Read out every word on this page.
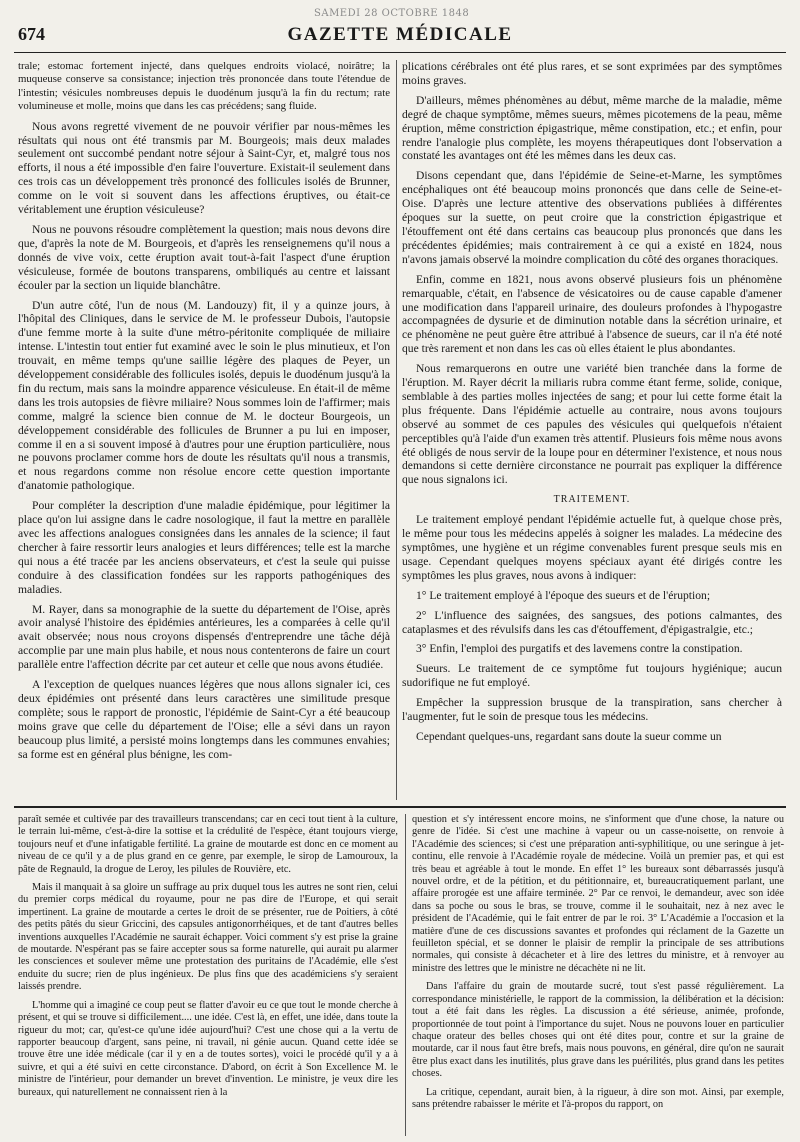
SAMEDI 28 OCTOBRE 1848
674	GAZETTE MÉDICALE

trale; estomac fortement injecté, dans quelques endroits violacé, noirâtre; la muqueuse conserve sa consistance; injection très prononcée dans toute l'étendue de l'intestin; vésicules nombreuses depuis le duodénum jusqu'à la fin du rectum; rate volumineuse et molle, moins que dans les cas précédens; sang fluide.

Nous avons regretté vivement de ne pouvoir vérifier par nous-mêmes les résultats qui nous ont été transmis par M. Bourgeois; mais deux malades seulement ont succombé pendant notre séjour à Saint-Cyr, et, malgré tous nos efforts, il nous a été impossible d'en faire l'ouverture. Existait-il seulement dans ces trois cas un développement très prononcé des follicules isolés de Brunner, comme on le voit si souvent dans les affections éruptives, ou était-ce véritablement une éruption vésiculeuse?

Nous ne pouvons résoudre complètement la question; mais nous devons dire que, d'après la note de M. Bourgeois, et d'après les renseignemens qu'il nous a donnés de vive voix, cette éruption avait tout-à-fait l'aspect d'une éruption vésiculeuse, formée de boutons transparens, ombiliqués au centre et laissant écouler par la section un liquide blanchâtre.

D'un autre côté, l'un de nous (M. Landouzy) fit, il y a quinze jours, à l'hôpital des Cliniques, dans le service de M. le professeur Dubois, l'autopsie d'une femme morte à la suite d'une métro-péritonite compliquée de miliaire intense. L'intestin tout entier fut examiné avec le soin le plus minutieux, et l'on trouvait, en même temps qu'une saillie légère des plaques de Peyer, un développement considérable des follicules isolés, depuis le duodénum jusqu'à la fin du rectum, mais sans la moindre apparence vésiculeuse. En était-il de même dans les trois autopsies de fièvre miliaire? Nous sommes loin de l'affirmer; mais comme, malgré la science bien connue de M. le docteur Bourgeois, un développement considérable des follicules de Brunner a pu lui en imposer, comme il en a si souvent imposé à d'autres pour une éruption particulière, nous ne pouvons proclamer comme hors de doute les résultats qu'il nous a transmis, et nous regardons comme non résolue encore cette question importante d'anatomie pathologique.

Pour compléter la description d'une maladie épidémique, pour légitimer la place qu'on lui assigne dans le cadre nosologique, il faut la mettre en parallèle avec les affections analogues consignées dans les annales de la science; il faut chercher à faire ressortir leurs analogies et leurs différences; telle est la marche qui nous a été tracée par les anciens observateurs, et c'est la seule qui puisse conduire à des classification fondées sur les rapports pathogéniques des maladies.

M. Rayer, dans sa monographie de la suette du département de l'Oise, après avoir analysé l'histoire des épidémies antérieures, les a comparées à celle qu'il avait observée; nous nous croyons dispensés d'entreprendre une tâche déjà accomplie par une main plus habile, et nous nous contenterons de faire un court parallèle entre l'affection décrite par cet auteur et celle que nous avons étudiée.

A l'exception de quelques nuances légères que nous allons signaler ici, ces deux épidémies ont présenté dans leurs caractères une similitude presque complète; sous le rapport de pronostic, l'épidémie de Saint-Cyr a été beaucoup moins grave que celle du département de l'Oise; elle a sévi dans un rayon beaucoup plus limité, a persisté moins longtemps dans les communes envahies; sa forme est en général plus bénigne, les com-

plications cérébrales ont été plus rares, et se sont exprimées par des symptômes moins graves.

D'ailleurs, mêmes phénomènes au début, même marche de la maladie, même degré de chaque symptôme, mêmes sueurs, mêmes picotemens de la peau, même éruption, même constriction épigastrique, même constipation, etc.; et enfin, pour rendre l'analogie plus complète, les moyens thérapeutiques dont l'observation a constaté les avantages ont été les mêmes dans les deux cas.

Disons cependant que, dans l'épidémie de Seine-et-Marne, les symptômes encéphaliques ont été beaucoup moins prononcés que dans celle de Seine-et-Oise. D'après une lecture attentive des observations publiées à différentes époques sur la suette, on peut croire que la constriction épigastrique et l'étouffement ont été dans certains cas beaucoup plus prononcés que dans les précédentes épidémies; mais contrairement à ce qui a existé en 1824, nous n'avons jamais observé la moindre complication du côté des organes thoraciques.

Enfin, comme en 1821, nous avons observé plusieurs fois un phénomène remarquable, c'était, en l'absence de vésicatoires ou de cause capable d'amener une modification dans l'appareil urinaire, des douleurs profondes à l'hypogastre accompagnées de dysurie et de diminution notable dans la sécrétion urinaire, et ce phénomène ne peut guère être attribué à l'absence de sueurs, car il n'a été noté que très rarement et non dans les cas où elles étaient le plus abondantes.

Nous remarquerons en outre une variété bien tranchée dans la forme de l'éruption. M. Rayer décrit la miliaris rubra comme étant ferme, solide, conique, semblable à des parties molles injectées de sang; et pour lui cette forme était la plus fréquente. Dans l'épidémie actuelle au contraire, nous avons toujours observé au sommet de ces papules des vésicules qui quelquefois n'étaient perceptibles qu'à l'aide d'un examen très attentif. Plusieurs fois même nous avons été obligés de nous servir de la loupe pour en déterminer l'existence, et nous nous demandons si cette dernière circonstance ne pourrait pas expliquer la différence que nous signalons ici.

TRAITEMENT.

Le traitement employé pendant l'épidémie actuelle fut, à quelque chose près, le même pour tous les médecins appelés à soigner les malades. La médecine des symptômes, une hygiène et un régime convenables furent presque seuls mis en usage. Cependant quelques moyens spéciaux ayant été dirigés contre les symptômes les plus graves, nous avons à indiquer:

1° Le traitement employé à l'époque des sueurs et de l'éruption;

2° L'influence des saignées, des sangsues, des potions calmantes, des cataplasmes et des révulsifs dans les cas d'étouffement, d'épigastralgie, etc.;

3° Enfin, l'emploi des purgatifs et des lavemens contre la constipation.

Sueurs. Le traitement de ce symptôme fut toujours hygiénique; aucun sudorifique ne fut employé.

Empêcher la suppression brusque de la transpiration, sans chercher à l'augmenter, fut le soin de presque tous les médecins.

Cependant quelques-uns, regardant sans doute la sueur comme un

paraît semée et cultivée par des travailleurs transcendans; car en ceci tout tient à la culture, le terrain lui-même, c'est-à-dire la sottise et la crédulité de l'espèce, étant toujours vierge, toujours neuf et d'une infatigable fertilité. La graine de moutarde est donc en ce moment au niveau de ce qu'il y a de plus grand en ce genre, par exemple, le sirop de Lamouroux, la pâte de Regnauld, la drogue de Leroy, les pilules de Rouvière, etc.

Mais il manquait à sa gloire un suffrage au prix duquel tous les autres ne sont rien, celui du premier corps médical du royaume, pour ne pas dire de l'Europe, et qui serait impertinent. La graine de moutarde a certes le droit de se présenter, rue de Poitiers, à côté des petits pâtés du sieur Griccini, des capsules antigonorrhéiques, et de tant d'autres belles inventions auxquelles l'Académie ne saurait échapper. Voici comment s'y est prise la graine de moutarde. N'espérant pas se faire accepter sous sa forme naturelle, qui aurait pu alarmer les consciences et soulever même une protestation des puritains de l'Académie, elle s'est enduite du sucre; rien de plus ingénieux. De plus fins que des académiciens s'y seraient laissés prendre.

L'homme qui a imaginé ce coup peut se flatter d'avoir eu ce que tout le monde cherche à présent, et qui se trouve si difficilement.... une idée. C'est là, en effet, une idée, dans toute la rigueur du mot; car, qu'est-ce qu'une idée aujourd'hui? C'est une chose qui a la vertu de rapporter beaucoup d'argent, sans peine, ni travail, ni génie aucun. Quand cette idée se trouve être une idée médicale (car il y en a de toutes sortes), voici le procédé qu'il y a à suivre, et qui a été suivi en cette circonstance. D'abord, on écrit à Son Excellence M. le ministre de l'intérieur, pour demander un brevet d'invention. Le ministre, je veux dire les bureaux, qui naturellement ne connaissent rien à la

question et s'y intéressent encore moins, ne s'informent que d'une chose, la nature ou genre de l'idée. Si c'est une machine à vapeur ou un casse-noisette, on renvoie à l'Académie des sciences; si c'est une préparation anti-syphilitique, ou une seringue à jet-continu, elle renvoie à l'Académie royale de médecine. Voilà un premier pas, et qui est très beau et agréable à tout le monde. En effet 1° les bureaux sont débarrassés jusqu'à nouvel ordre, et de la pétition, et du pétitionnaire, et, bureaucratiquement parlant, une affaire prorogée est une affaire terminée. 2° Par ce renvoi, le demandeur, avec son idée dans sa poche ou sous le bras, se trouve, comme il le souhaitait, nez à nez avec le président de l'Académie, qui le fait entrer de par le roi. 3° L'Académie a l'occasion et la matière d'une de ces discussions savantes et profondes qui réclament de la Gazette un feuilleton spécial, et se donner le plaisir de remplir la principale de ses attributions normales, qui consiste à décacheter et à lire des lettres du ministre, et à renvoyer au ministre des lettres que le ministre ne décachète ni ne lit.

Dans l'affaire du grain de moutarde sucré, tout s'est passé régulièrement. La correspondance ministérielle, le rapport de la commission, la délibération et la décision: tout a été fait dans les règles. La discussion a été sérieuse, animée, profonde, proportionnée de tout point à l'importance du sujet. Nous ne pouvons louer en particulier chaque orateur des belles choses qui ont été dites pour, contre et sur la graine de moutarde, car il nous faut être brefs, mais nous pouvons, en général, dire qu'on ne saurait être plus exact dans les inutilités, plus grave dans les puérilités, plus grand dans les petites choses.

La critique, cependant, aurait bien, à la rigueur, à dire son mot. Ainsi, par exemple, sans prétendre rabaisser le mérite et l'à-propos du rapport, on
